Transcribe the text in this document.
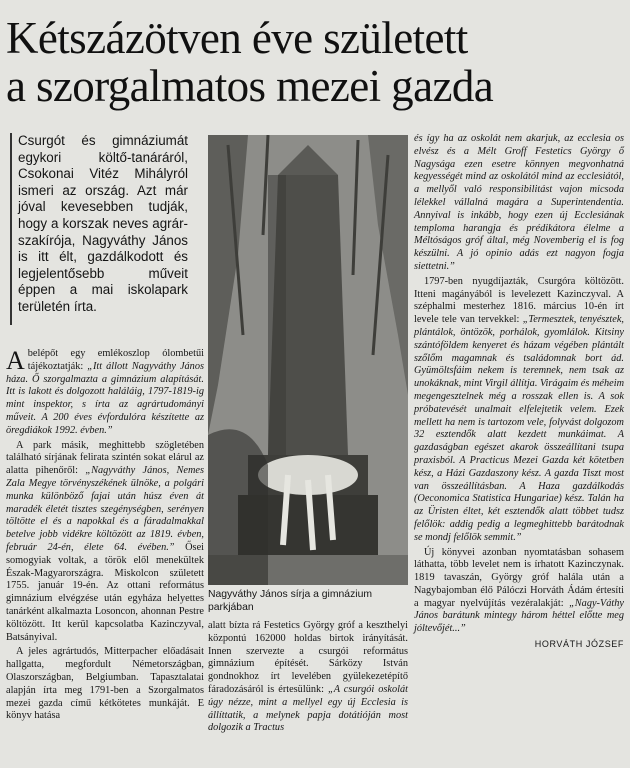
Kétszázötven éve született
a szorgalmatos mezei gazda
Csurgót és gimnáziumát egykori költő-tanáráról, Csokonai Vitéz Mihályról ismeri az ország. Azt már jóval kevesebben tudják, hogy a korszak neves agrár-szakírója, Nagyváthy János is itt élt, gazdálkodott és legjelentősebb műveit éppen a mai iskolapark területén írta.

A belépőt egy emlékoszlop ólombetűi tájékoztatják: „Itt állott Nagyváthy János háza. Ő szorgalmazta a gimnázium alapítását. Itt is lakott és dolgozott haláláig, 1797-1819-ig mint inspektor, s írta az agrártudományi műveit. A 200 éves évfordulóra készítette az öregdiákok 1992. évben.”

A park másik, meghittebb szögletében található sírjának felirata szintén sokat elárul az alatta pihenőről: „Nagyváthy János, Nemes Zala Megye törvényszékének ülnöke, a polgári munka különböző fajai után húsz éven át maradék életét tisztes szegénységben, serényen töltötte el és a napokkal és a fáradalmakkal betelve jobb vidékre költözött az 1819. évben, február 24-én, élete 64. évében.” Ősei somogyiak voltak, a török elől menekültek Észak-Magyarországra. Miskolcon született 1755. január 19-én. Az ottani református gimnázium elvégzése után egyháza helyettes tanárként alkalmazta Losoncon, ahonnan Pestre költözött. Itt kerül kapcsolatba Kazinczyval, Batsányival.

A jeles agrártudós, Mitterpacher előadásait hallgatta, megfordult Németországban, Olaszországban, Belgiumban. Tapasztalatai alapján írta meg 1791-ben a Szorgalmatos mezei gazda című kétkötetes munkáját. E könyv hatása

Nagyváthy János sírja a gimnázium parkjában

alatt bízta rá Festetics György gróf a keszthelyi központú 162000 holdas birtok irányítását. Innen szervezte a csurgói református gimnázium építését. Sárközy István gondnokhoz írt levelében gyülekezetépítő fáradozásáról is értesülünk: „A csurgói oskolát úgy nézze, mint a mellyel egy új Ecclesia is állíttatik, a melynek papja dotátióján most dolgozik a Tractus

és így ha az oskolát nem akarjuk, az ecclesia os elvész és a Mélt Groff Festetics György ő Nagysága ezen esetre könnyen megvonhatná kegyességét mind az oskolától mind az ecclesiától, a mellyől való responsibilitást vajon micsoda lélekkel vállalná magára a Superintendentia. Annyival is inkább, hogy ezen új Ecclesiának temploma harangja és prédikátora élelme a Méltóságos gróf által, még Novemberig el is fog készülni. A jó opinio adás ezt nagyon fogja siettetni.”

1797-ben nyugdíjazták, Csurgóra költözött. Itteni magányából is levelezett Kazinczyval. A széphalmi mesterhez 1816. március 10-én írt levele tele van tervekkel: „Termesztek, tenyésztek, plántálok, öntözök, porhálok, gyomlálok. Kitsiny szántóföldem kenyeret és házam végében plántált szőlőm magamnak és tsaládomnak bort ád. Gyümöltsfáim nekem is teremnek, nem tsak az unokáknak, mint Virgil állítja. Virágaim és méheim megengesztelnek még a rosszak ellen is. A sok próbatevését unalmait elfelejtetik velem. Ezek mellett ha nem is tartozom vele, folyvást dolgozom 32 esztendők alatt kezdett munkáimat. A gazdaságban egészet akarok összeállítani tsupa praxisból. A Practicus Mezei Gazda két kötetben kész, a Házi Gazdaszony kész. A gazda Tiszt most van összeállításban. A Haza gazdálkodás (Oeconomica Statistica Hungariae) kész. Talán ha az Üristen éltet, két esztendők alatt többet tudsz felőlök: addig pedig a legmeghittebb barátodnak se mondj felőlök semmit.”

Új könyvei azonban nyomtatásban sohasem láthatta, több levelet nem is írhatott Kazinczynak. 1819 tavaszán, György gróf halála után a Nagybajomban élő Pálóczi Horváth Ádám értesíti a magyar nyelvújítás vezéralakját: „Nagy-Váthy János barátunk mintegy három héttel előtte meg jóltevőjét...”

HORVÁTH JÓZSEF
